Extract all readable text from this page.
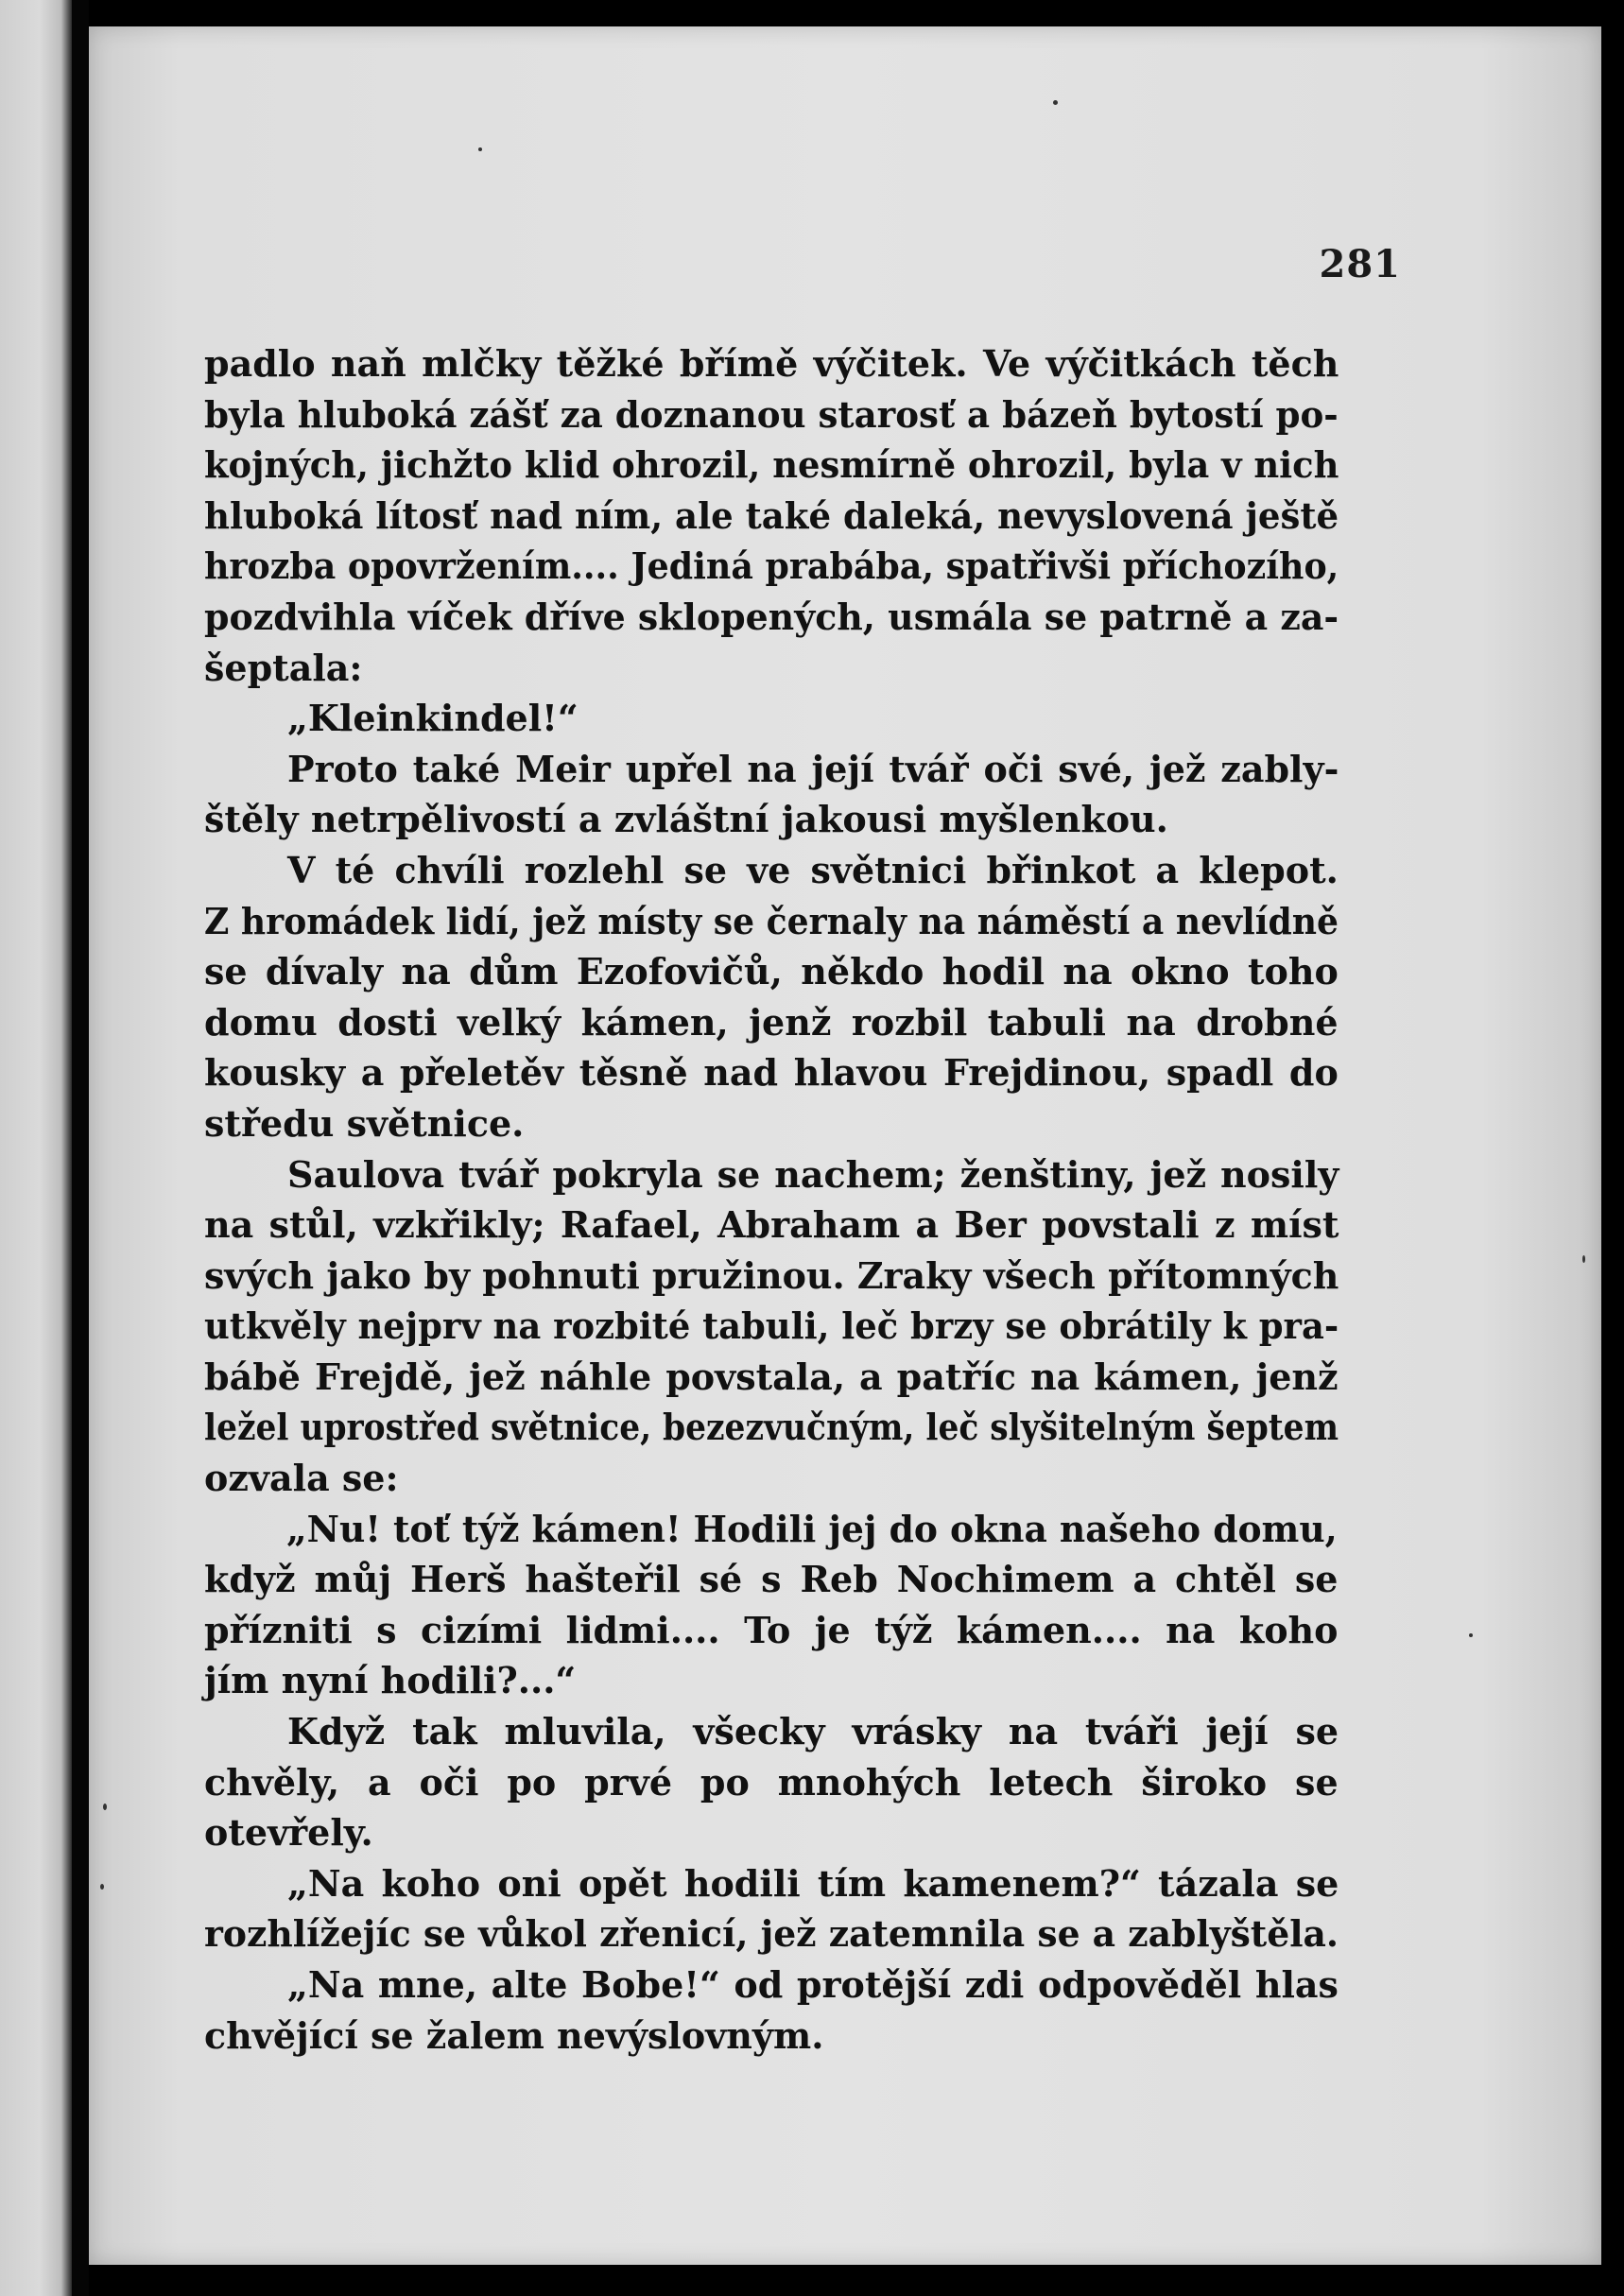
281
padlo naň mlčky těžké břímě výčitek. Ve výčitkách těch
byla hluboká zášť za doznanou starosť a bázeň bytostí po-
kojných, jichžto klid ohrozil, nesmírně ohrozil, byla v nich
hluboká lítosť nad ním, ale také daleká, nevyslovená ještě
hrozba opovržením.... Jediná prabába, spatřivši příchozího,
pozdvihla víček dříve sklopených, usmála se patrně a za-
šeptala:
„Kleinkindel!“
Proto také Meir upřel na její tvář oči své, jež zably-
štěly netrpělivostí a zvláštní jakousi myšlenkou.
V té chvíli rozlehl se ve světnici břinkot a klepot.
Z hromádek lidí, jež místy se černaly na náměstí a nevlídně
se dívaly na dům Ezofovičů, někdo hodil na okno toho
domu dosti velký kámen, jenž rozbil tabuli na drobné
kousky a přeletěv těsně nad hlavou Frejdinou, spadl do
středu světnice.
Saulova tvář pokryla se nachem; ženštiny, jež nosily
na stůl, vzkřikly; Rafael, Abraham a Ber povstali z míst
svých jako by pohnuti pružinou. Zraky všech přítomných
utkvěly nejprv na rozbité tabuli, leč brzy se obrátily k pra-
bábě Frejdě, jež náhle povstala, a patříc na kámen, jenž
ležel uprostřed světnice, bezezvučným, leč slyšitelným šeptem
ozvala se:
„Nu! toť týž kámen! Hodili jej do okna našeho domu,
když můj Herš hašteřil sé s Reb Nochimem a chtěl se
přízniti s cizími lidmi.... To je týž kámen.... na koho
jím nyní hodili?...“
Když tak mluvila, všecky vrásky na tváři její se
chvěly, a oči po prvé po mnohých letech široko se
otevřely.
„Na koho oni opět hodili tím kamenem?“ tázala se
rozhlížejíc se vůkol zřenicí, jež zatemnila se a zablyštěla.
„Na mne, alte Bobe!“ od protější zdi odpověděl hlas
chvějící se žalem nevýslovným.
